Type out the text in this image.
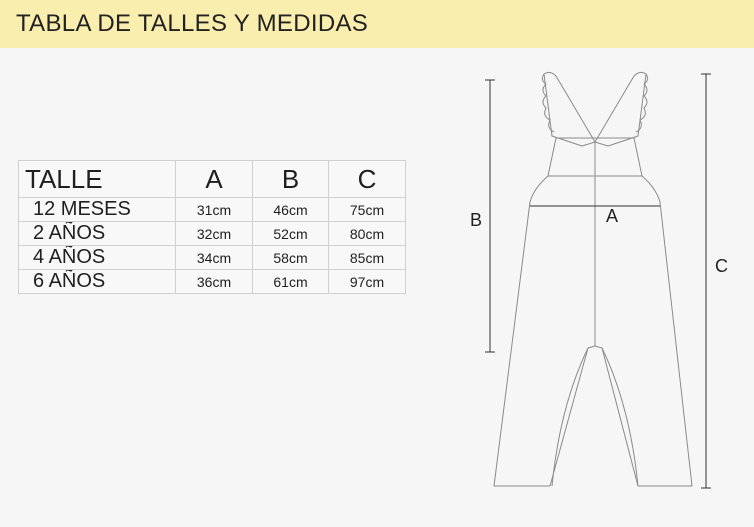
TABLA DE TALLES Y MEDIDAS
TALLE	A	B	C
12 MESES	31cm	46cm	75cm
2 AÑOS	32cm	52cm	80cm
4 AÑOS	34cm	58cm	85cm
6 AÑOS	36cm	61cm	97cm
B	A
C
